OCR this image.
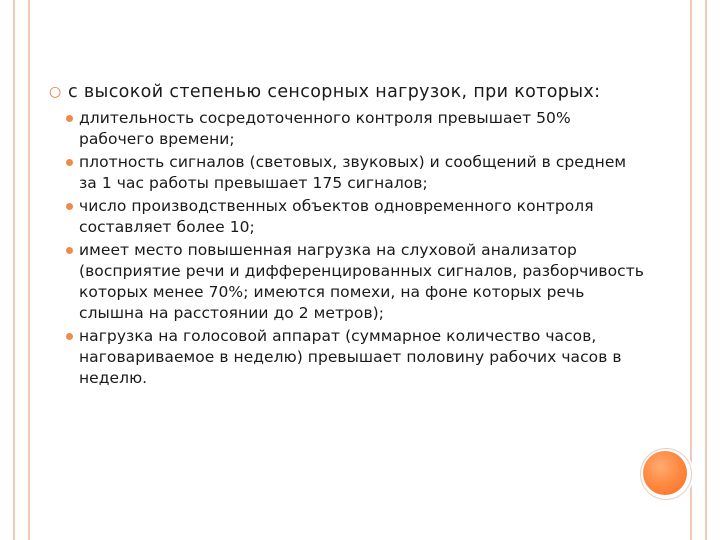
○ с высокой степенью сенсорных нагрузок, при которых:
длительность сосредоточенного контроля превышает 50% рабочего времени;
плотность сигналов (световых, звуковых) и сообщений в среднем за 1 час работы превышает 175 сигналов;
число производственных объектов одновременного контроля составляет более 10;
имеет место повышенная нагрузка на слуховой анализатор (восприятие речи и дифференцированных сигналов, разборчивость которых менее 70%; имеются помехи, на фоне которых речь слышна на расстоянии до 2 метров);
нагрузка на голосовой аппарат (суммарное количество часов, наговариваемое в неделю) превышает половину рабочих часов в неделю.
